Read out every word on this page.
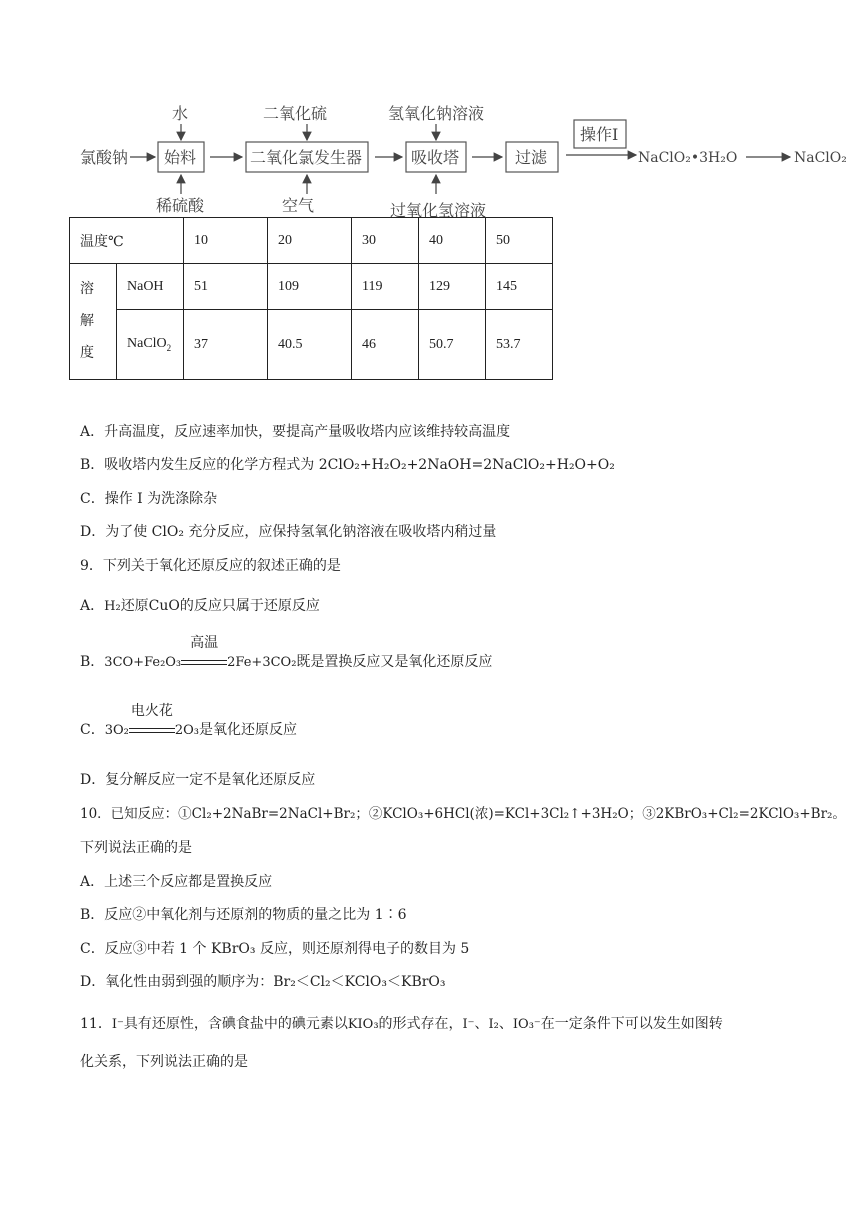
氯酸钠 始料
水
稀硫酸
二氧化氯发生器
二氧化硫
空气
吸收塔
氢氧化钠溶液
过氧化氢溶液
过滤
操作I
NaClO₂•3H₂O	NaClO₂
温度℃		10	20	30	40	50
溶
解
度	NaOH	51	109	119	129	145
	NaClO$_2$	37	40.5	46	50.7	53.7
A．升高温度，反应速率加快，要提高产量吸收塔内应该维持较高温度
B．吸收塔内发生反应的化学方程式为 2ClO₂+H₂O₂+2NaOH=2NaClO₂+H₂O+O₂
C．操作 I 为洗涤除杂
D．为了使 ClO₂ 充分反应，应保持氢氧化钠溶液在吸收塔内稍过量
9．下列关于氧化还原反应的叙述正确的是
A．H₂还原CuO的反应只属于还原反应
B．3CO+Fe₂O₃
高温
2Fe+3CO₂既是置换反应又是氧化还原反应
C．3O₂
电火花
2O₃是氧化还原反应
D．复分解反应一定不是氧化还原反应
10．已知反应：①Cl₂+2NaBr=2NaCl+Br₂；②KClO₃+6HCl(浓)=KCl+3Cl₂↑+3H₂O；③2KBrO₃+Cl₂=2KClO₃+Br₂。
下列说法正确的是
A．上述三个反应都是置换反应
B．反应②中氧化剂与还原剂的物质的量之比为 1∶6
C．反应③中若 1 个 KBrO₃ 反应，则还原剂得电子的数目为 5
D．氧化性由弱到强的顺序为：Br₂＜Cl₂＜KClO₃＜KBrO₃
11．I⁻具有还原性，含碘食盐中的碘元素以KIO₃的形式存在，I⁻、I₂、IO₃⁻在一定条件下可以发生如图转
化关系，下列说法正确的是
